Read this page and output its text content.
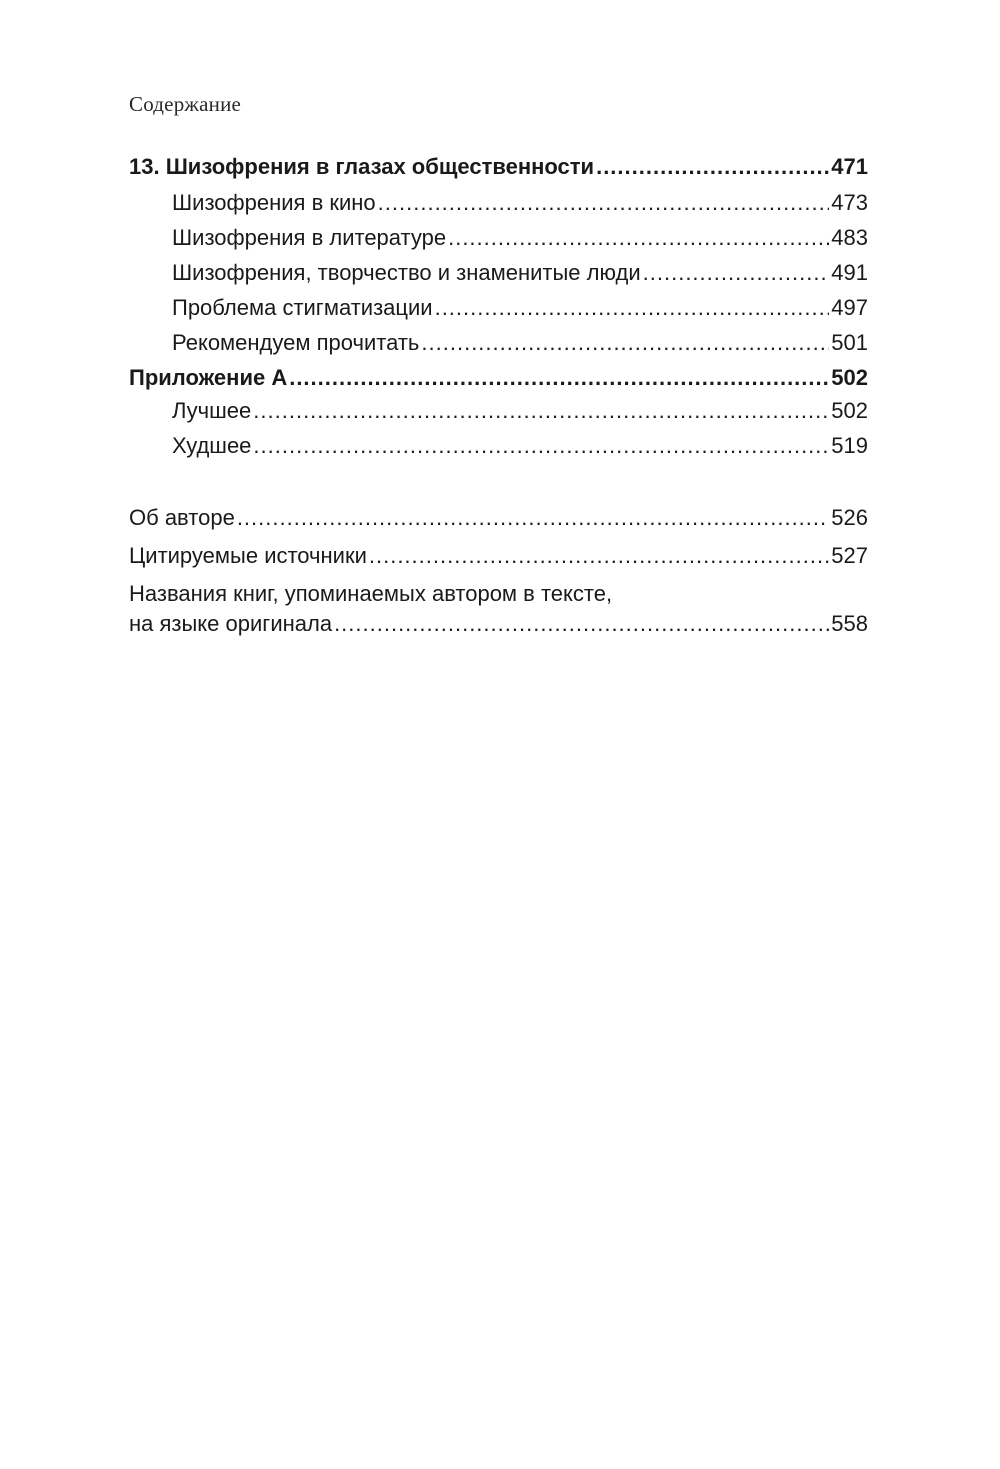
Содержание
13. Шизофрения в глазах общественности .....	471
Шизофрения в кино .....	473
Шизофрения в литературе .....	483
Шизофрения, творчество и знаменитые люди .....	491
Проблема стигматизации .....	497
Рекомендуем прочитать .....	501
Приложение A .....	502
Лучшее .....	502
Худшее .....	519
Об авторе .....	526
Цитируемые источники .....	527
Названия книг, упоминаемых автором в тексте,
на языке оригинала .....	558
